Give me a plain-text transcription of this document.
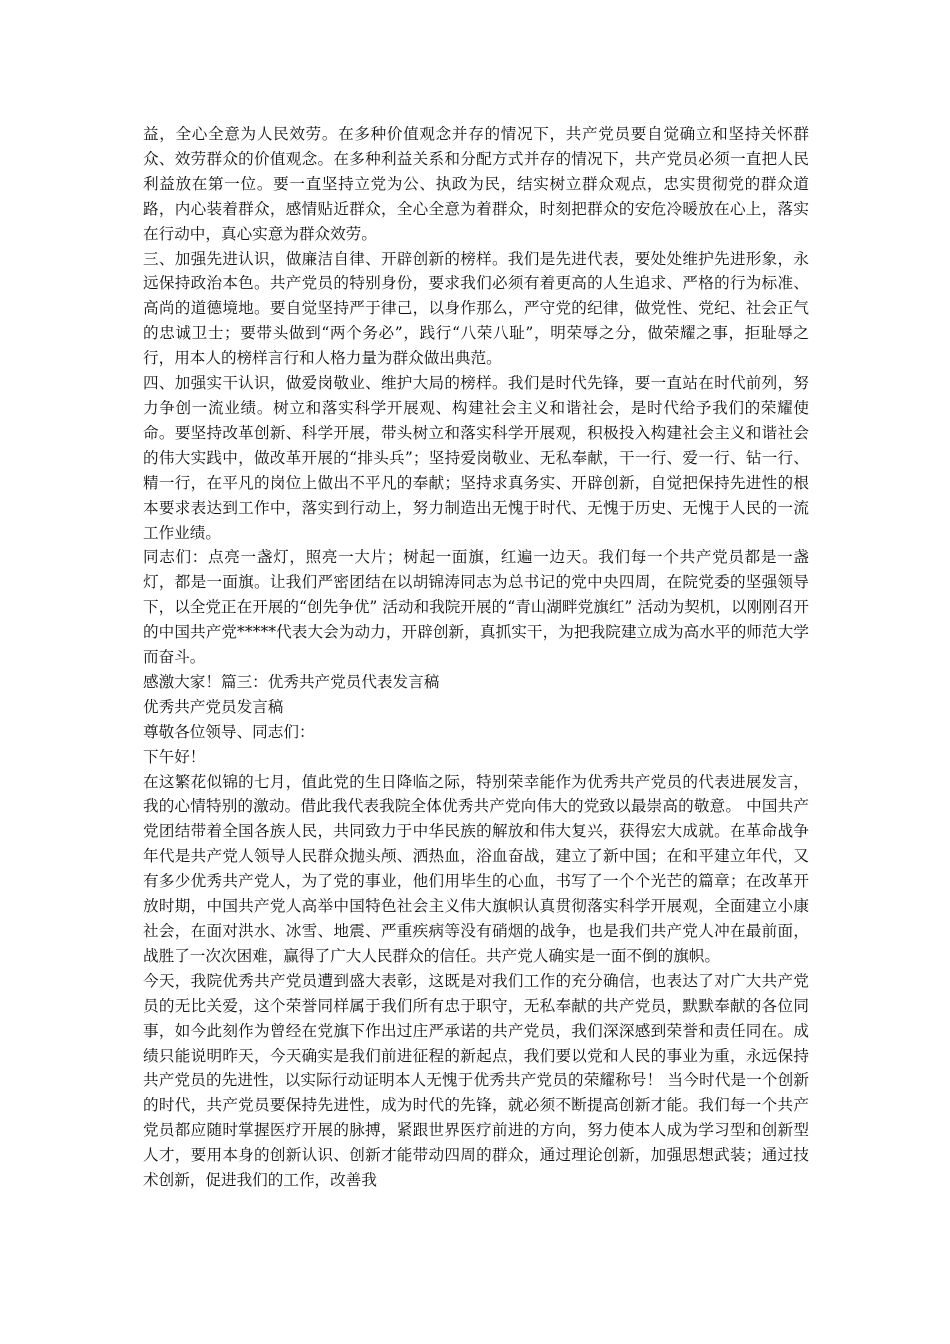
益，全心全意为人民效劳。在多种价值观念并存的情况下，共产党员要自觉确立和坚持关怀群众、效劳群众的价值观念。在多种利益关系和分配方式并存的情况下，共产党员必须一直把人民利益放在第一位。要一直坚持立党为公、执政为民，结实树立群众观点，忠实贯彻党的群众道路，内心装着群众，感情贴近群众，全心全意为着群众，时刻把群众的安危冷暖放在心上，落实在行动中，真心实意为群众效劳。

三、加强先进认识，做廉洁自律、开辟创新的榜样。我们是先进代表，要处处维护先进形象，永远保持政治本色。共产党员的特别身份，要求我们必须有着更高的人生追求、严格的行为标准、高尚的道德境地。要自觉坚持严于律己，以身作那么，严守党的纪律，做党性、党纪、社会正气的忠诚卫士；要带头做到“两个务必”，践行“八荣八耻”，明荣辱之分，做荣耀之事，拒耻辱之行，用本人的榜样言行和人格力量为群众做出典范。

四、加强实干认识，做爱岗敬业、维护大局的榜样。我们是时代先锋，要一直站在时代前列，努力争创一流业绩。树立和落实科学开展观、构建社会主义和谐社会，是时代给予我们的荣耀使命。要坚持改革创新、科学开展，带头树立和落实科学开展观，积极投入构建社会主义和谐社会的伟大实践中，做改革开展的“排头兵”；坚持爱岗敬业、无私奉献，干一行、爱一行、钻一行、精一行，在平凡的岗位上做出不平凡的奉献；坚持求真务实、开辟创新，自觉把保持先进性的根本要求表达到工作中，落实到行动上，努力制造出无愧于时代、无愧于历史、无愧于人民的一流工作业绩。

同志们：点亮一盏灯，照亮一大片；树起一面旗，红遍一边天。我们每一个共产党员都是一盏灯，都是一面旗。让我们严密团结在以胡锦涛同志为总书记的党中央四周，在院党委的坚强领导下，以全党正在开展的“创先争优” 活动和我院开展的“青山湖畔党旗红” 活动为契机，以刚刚召开的中国共产党*****代表大会为动力，开辟创新，真抓实干，为把我院建立成为高水平的师范大学而奋斗。

感激大家！篇三：优秀共产党员代表发言稿

优秀共产党员发言稿

尊敬各位领导、同志们：

下午好！

在这繁花似锦的七月，值此党的生日降临之际，特别荣幸能作为优秀共产党员的代表进展发言，我的心情特别的激动。借此我代表我院全体优秀共产党向伟大的党致以最崇高的敬意。 中国共产党团结带着全国各族人民，共同致力于中华民族的解放和伟大复兴，获得宏大成就。在革命战争年代是共产党人领导人民群众抛头颅、洒热血，浴血奋战，建立了新中国；在和平建立年代，又有多少优秀共产党人，为了党的事业，他们用毕生的心血，书写了一个个光芒的篇章；在改革开放时期，中国共产党人高举中国特色社会主义伟大旗帜认真贯彻落实科学开展观，全面建立小康社会，在面对洪水、冰雪、地震、严重疾病等没有硝烟的战争，也是我们共产党人冲在最前面，战胜了一次次困难，赢得了广大人民群众的信任。共产党人确实是一面不倒的旗帜。

今天，我院优秀共产党员遭到盛大表彰，这既是对我们工作的充分确信，也表达了对广大共产党员的无比关爱，这个荣誉同样属于我们所有忠于职守，无私奉献的共产党员，默默奉献的各位同事，如今此刻作为曾经在党旗下作出过庄严承诺的共产党员，我们深深感到荣誉和责任同在。成绩只能说明昨天，今天确实是我们前进征程的新起点，我们要以党和人民的事业为重，永远保持共产党员的先进性，以实际行动证明本人无愧于优秀共产党员的荣耀称号！ 当今时代是一个创新的时代，共产党员要保持先进性，成为时代的先锋，就必须不断提高创新才能。我们每一个共产党员都应随时掌握医疗开展的脉搏，紧跟世界医疗前进的方向，努力使本人成为学习型和创新型人才，要用本身的创新认识、创新才能带动四周的群众，通过理论创新，加强思想武装；通过技术创新，促进我们的工作，改善我
